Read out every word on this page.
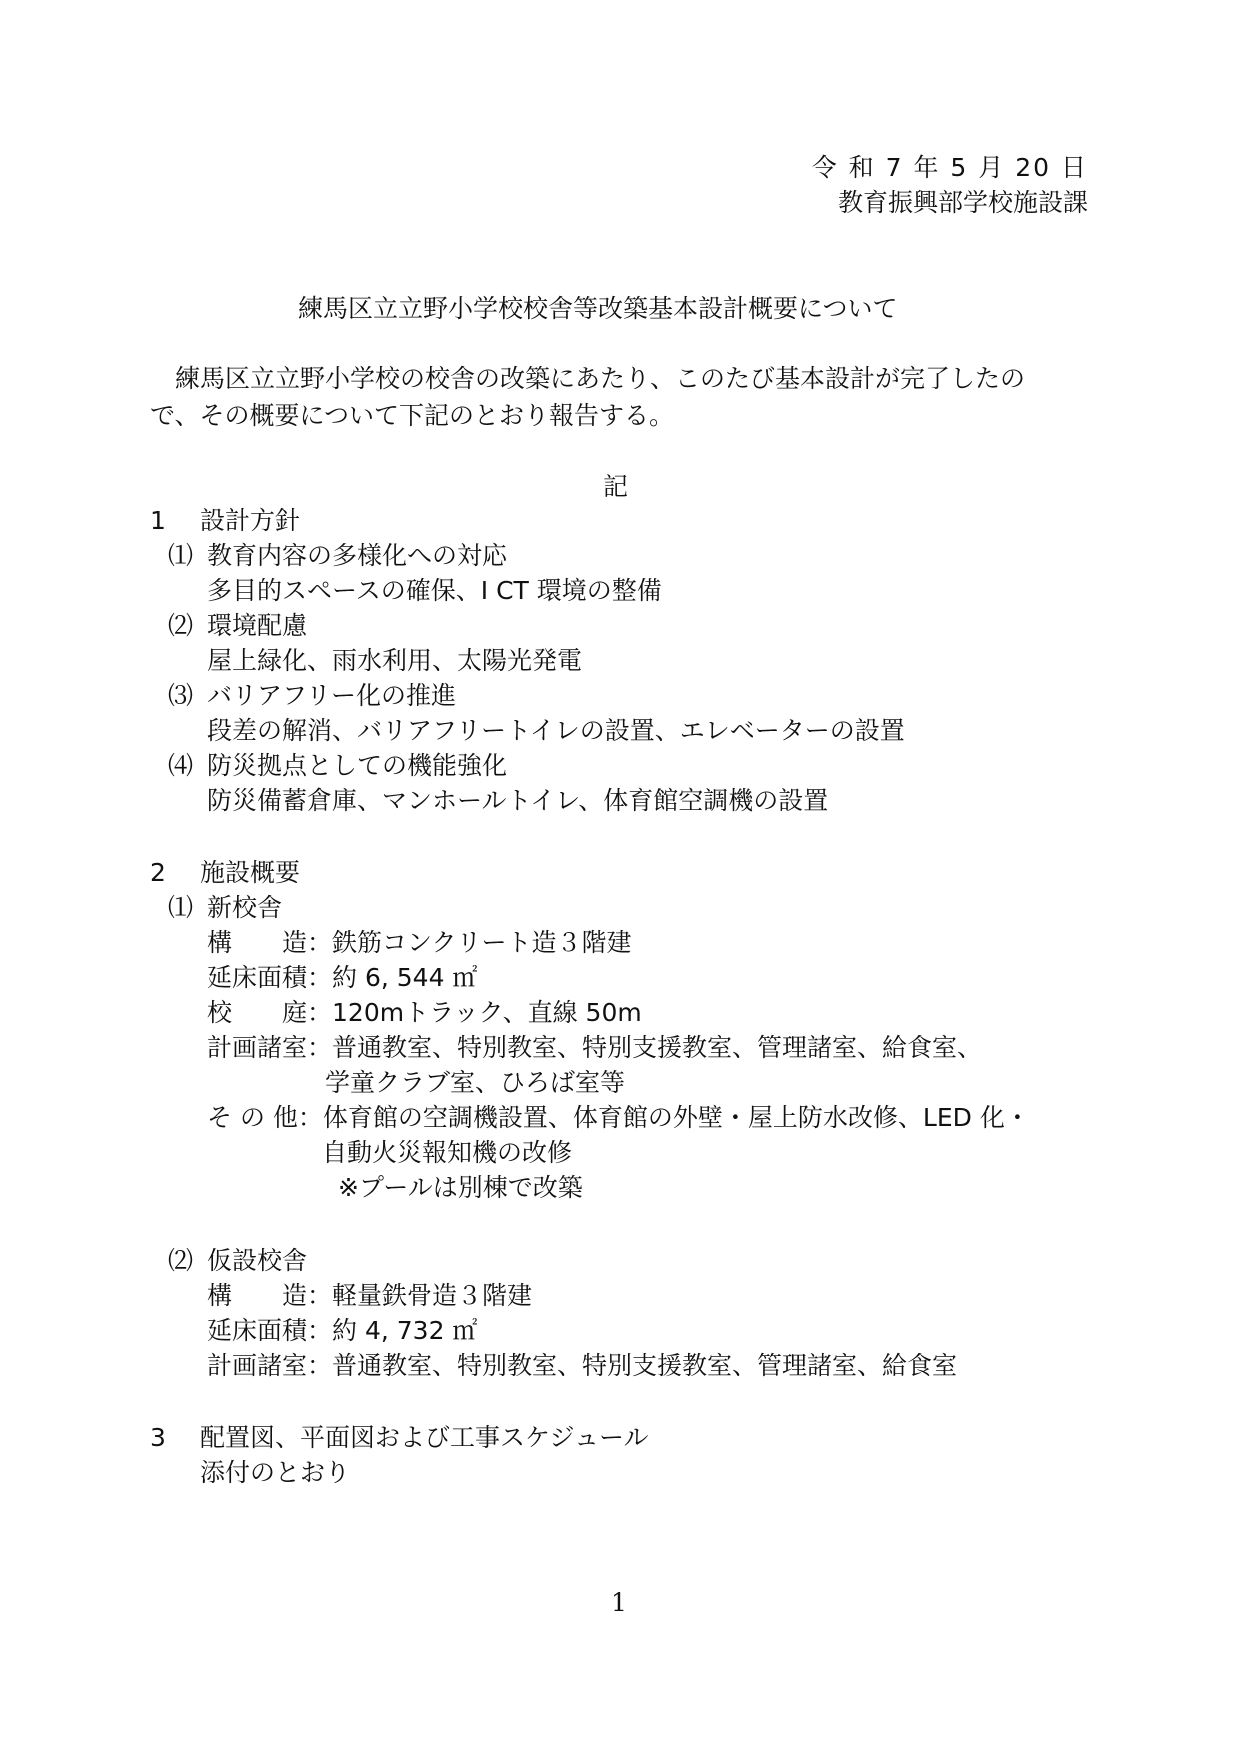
令 和 7 年 5 月 20 日
教育振興部学校施設課
練馬区立立野小学校校舎等改築基本設計概要について
練馬区立立野小学校の校舎の改築にあたり、このたび基本設計が完了したの
で、その概要について下記のとおり報告する。
記
1 設計方針
⑴ 教育内容の多様化への対応
多目的スペースの確保、I CT 環境の整備
⑵ 環境配慮
屋上緑化、雨水利用、太陽光発電
⑶ バリアフリー化の推進
段差の解消、バリアフリートイレの設置、エレベーターの設置
⑷ 防災拠点としての機能強化
防災備蓄倉庫、マンホールトイレ、体育館空調機の設置
2 施設概要
⑴ 新校舎
構　　造：鉄筋コンクリート造３階建
延床面積：約 6, 544 ㎡
校　　庭：120mトラック、直線 50m
計画諸室：普通教室、特別教室、特別支援教室、管理諸室、給食室、
学童クラブ室、ひろば室等
そ の 他：体育館の空調機設置、体育館の外壁・屋上防水改修、LED 化・
自動火災報知機の改修
※プールは別棟で改築
⑵ 仮設校舎
構　　造：軽量鉄骨造３階建
延床面積：約 4, 732 ㎡
計画諸室：普通教室、特別教室、特別支援教室、管理諸室、給食室
3 配置図、平面図および工事スケジュール
添付のとおり
1
